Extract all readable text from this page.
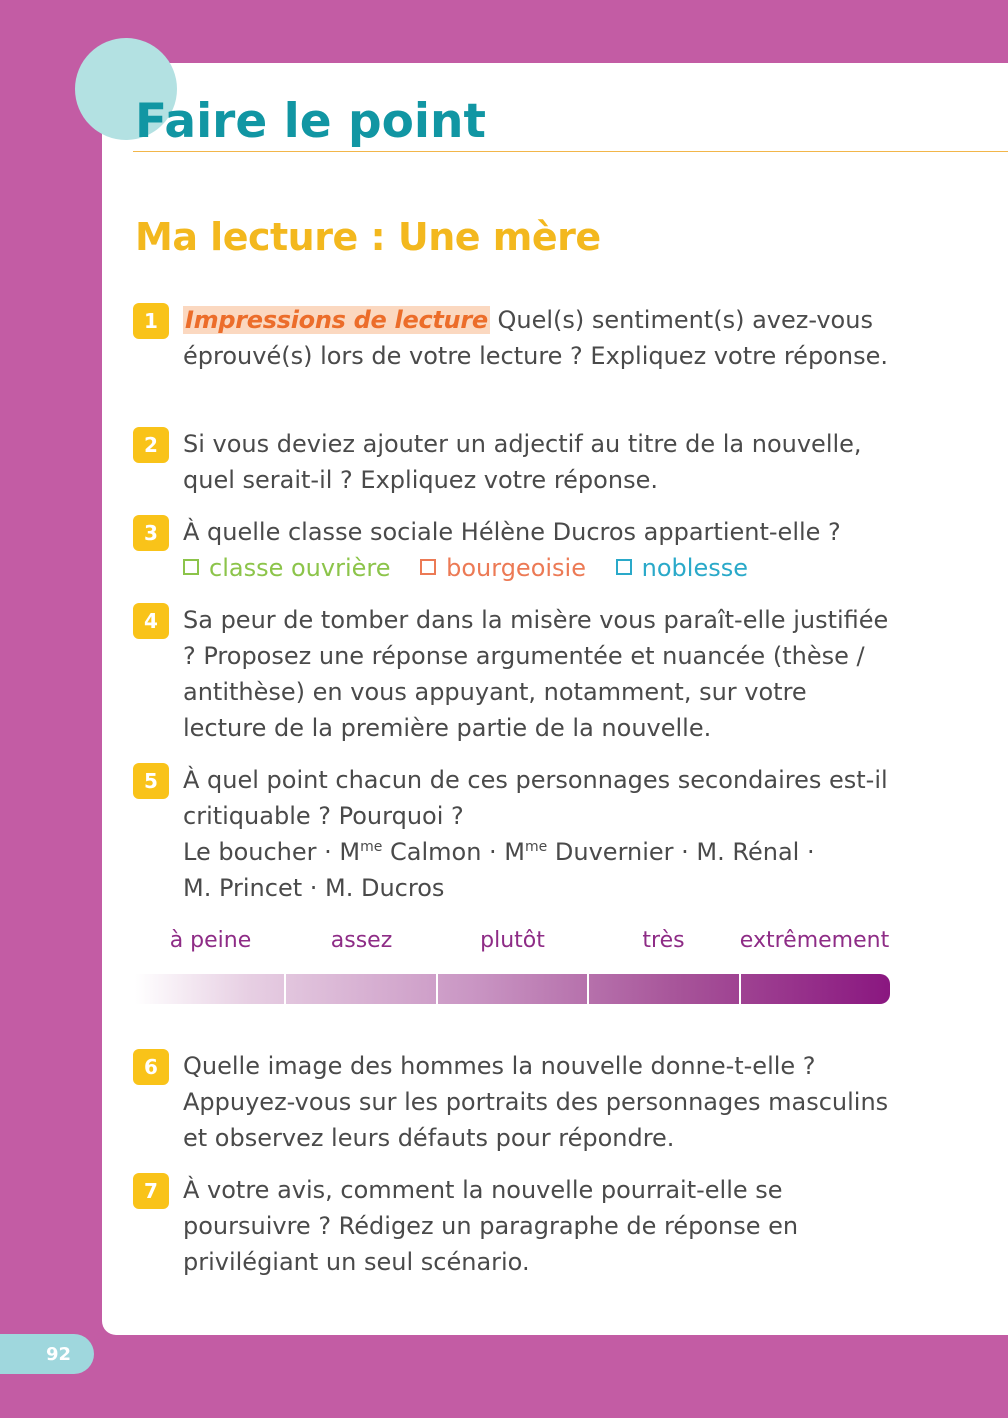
Faire le point
Ma lecture : Une mère
1	Impressions de lecture Quel(s) sentiment(s) avez-vous éprouvé(s) lors de votre lecture ? Expliquez votre réponse.
2	Si vous deviez ajouter un adjectif au titre de la nouvelle, quel serait-il ? Expliquez votre réponse.
3	À quelle classe sociale Hélène Ducros appartient-elle ?
classe ouvrière bourgeoisie noblesse
4	Sa peur de tomber dans la misère vous paraît-elle justifiée ? Proposez une réponse argumentée et nuancée (thèse / antithèse) en vous appuyant, notamment, sur votre lecture de la première partie de la nouvelle.
5	À quel point chacun de ces personnages secondaires est-il critiquable ? Pourquoi ?
Le boucher · $M^{me}$ Calmon · $M^{me}$ Duvernier · M. Rénal ·
M. Princet · M. Ducros
à peine	assez	plutôt	très	extrêmement
6	Quelle image des hommes la nouvelle donne-t-elle ? Appuyez-vous sur les portraits des personnages masculins et observez leurs défauts pour répondre.
7	À votre avis, comment la nouvelle pourrait-elle se poursuivre ? Rédigez un paragraphe de réponse en privilégiant un seul scénario.
92
